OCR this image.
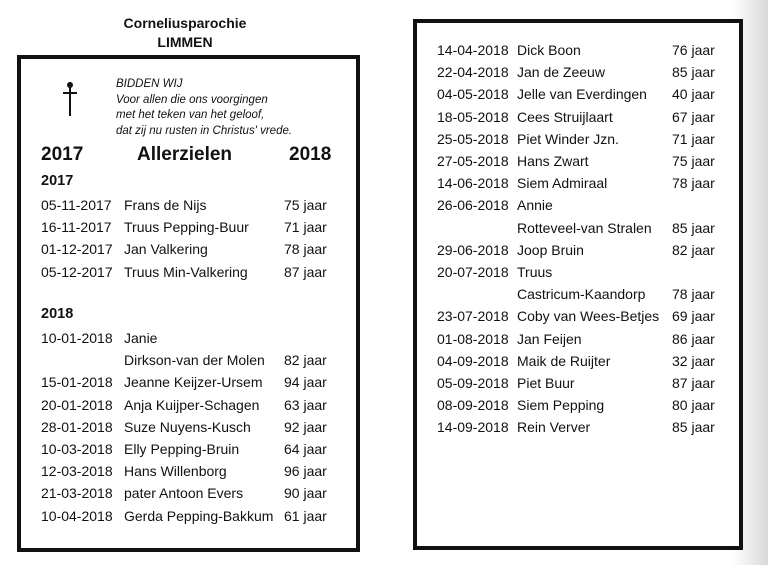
Corneliusparochie
LIMMEN
BIDDEN WIJ
Voor allen die ons voorgingen
met het teken van het geloof,
dat zij nu rusten in Christus' vrede.
2017	Allerzielen	2018
2017
05-11-2017 Frans de Nijs	75 jaar
16-11-2017 Truus Pepping-Buur	71 jaar
01-12-2017 Jan Valkering	78 jaar
05-12-2017 Truus Min-Valkering	87 jaar
2018
10-01-2018 Janie
Dirkson-van der Molen 82 jaar
15-01-2018 Jeanne Keijzer-Ursem 94 jaar
20-01-2018 Anja Kuijper-Schagen 63 jaar
28-01-2018 Suze Nuyens-Kusch 92 jaar
10-03-2018 Elly Pepping-Bruin	64 jaar
12-03-2018 Hans Willenborg	96 jaar
21-03-2018 pater Antoon Evers	90 jaar
10-04-2018 Gerda Pepping-Bakkum 61 jaar
14-04-2018 Dick Boon	76 jaar
22-04-2018 Jan de Zeeuw	85 jaar
04-05-2018 Jelle van Everdingen 40 jaar
18-05-2018 Cees Struijlaart	67 jaar
25-05-2018 Piet Winder Jzn.	71 jaar
27-05-2018 Hans Zwart	75 jaar
14-06-2018 Siem Admiraal	78 jaar
26-06-2018 Annie
Rotteveel-van Stralen 85 jaar
29-06-2018 Joop Bruin	82 jaar
20-07-2018 Truus
Castricum-Kaandorp 78 jaar
23-07-2018 Coby van Wees-Betjes 69 jaar
01-08-2018 Jan Feijen	86 jaar
04-09-2018 Maik de Ruijter	32 jaar
05-09-2018 Piet Buur	87 jaar
08-09-2018 Siem Pepping	80 jaar
14-09-2018 Rein Verver	85 jaar
